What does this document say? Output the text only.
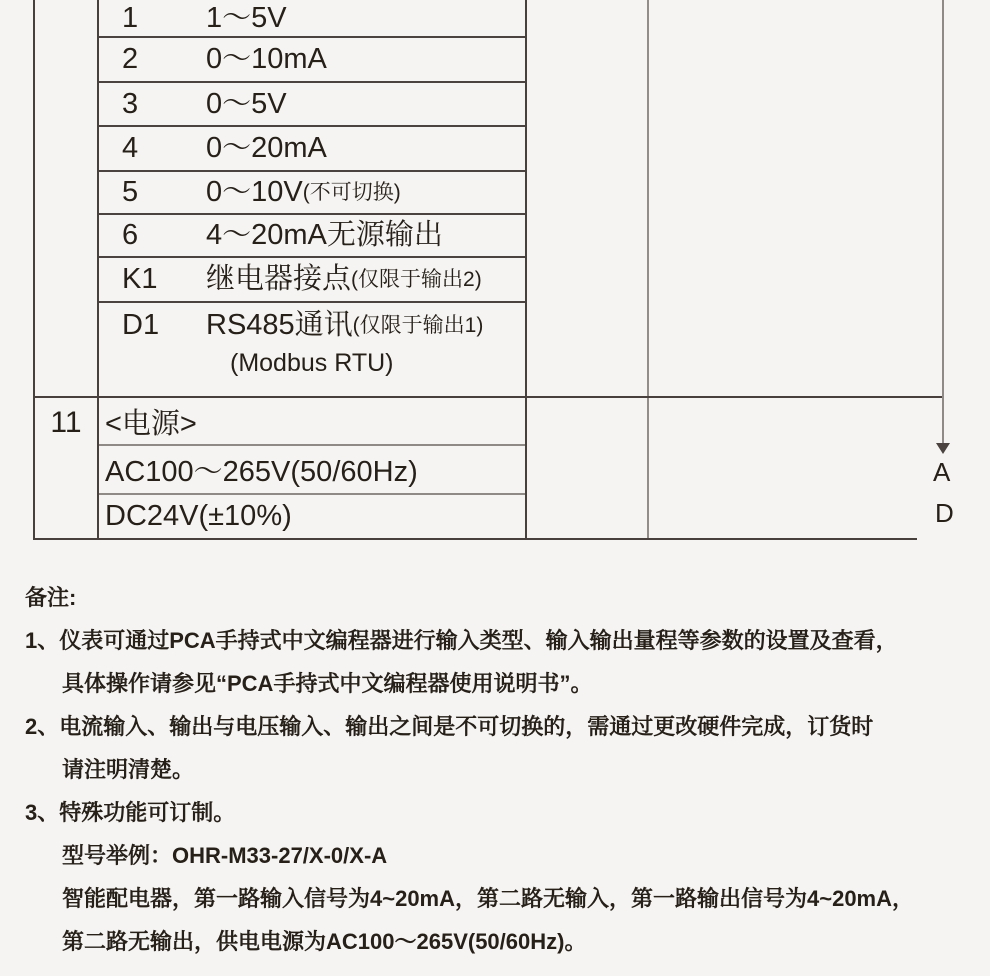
1	1～5V
2	0～10mA
3	0～5V
4	0～20mA
5	0～10V (不可切换)
6	4～20mA无源输出
K1	继电器接点 (仅限于输出2)
D1	RS485通讯 (仅限于输出1)
(Modbus RTU)
11 <电源>
AC100～265V(50/60Hz)
DC24V(±10%)
A
D
备注:
1、仪表可通过PCA手持式中文编程器进行输入类型、输入输出量程等参数的设置及查看，
具体操作请参见“PCA手持式中文编程器使用说明书”。
2、电流输入、输出与电压输入、输出之间是不可切换的，需通过更改硬件完成，订货时
请注明清楚。
3、特殊功能可订制。
型号举例：OHR-M33-27/X-0/X-A
智能配电器，第一路输入信号为4~20mA，第二路无输入，第一路输出信号为4~20mA，
第二路无输出，供电电源为AC100～265V(50/60Hz)。
